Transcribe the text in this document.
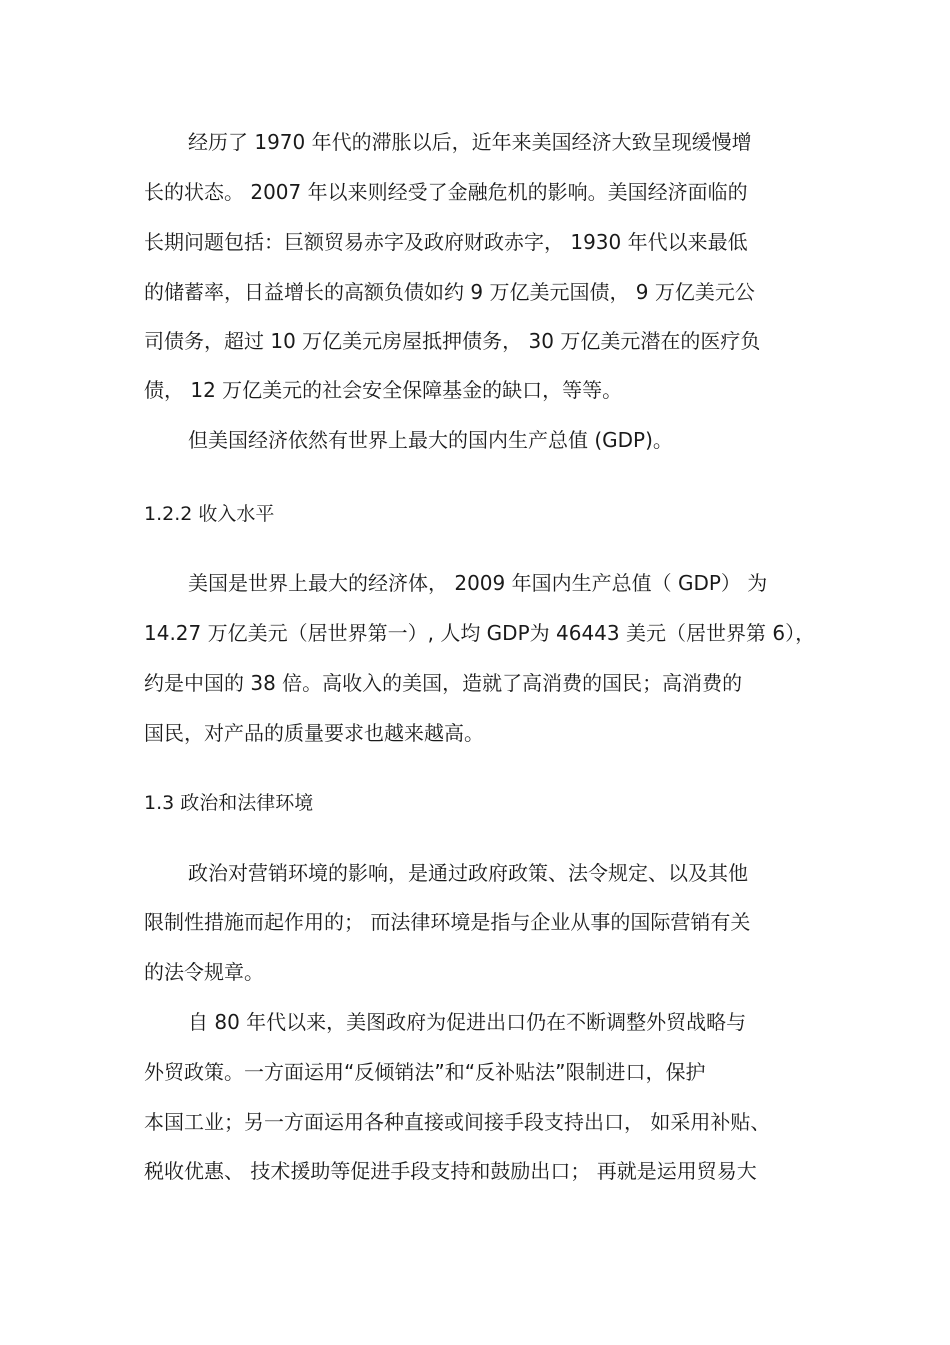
经历了 1970 年代的滞胀以后，近年来美国经济大致呈现缓慢增
长的状态。 2007 年以来则经受了金融危机的影响。美国经济面临的
长期问题包括：巨额贸易赤字及政府财政赤字， 1930 年代以来最低
的储蓄率，日益增长的高额负债如约 9 万亿美元国债， 9 万亿美元公
司债务，超过 10 万亿美元房屋抵押债务， 30 万亿美元潜在的医疗负
债， 12 万亿美元的社会安全保障基金的缺口，等等。
但美国经济依然有世界上最大的国内生产总值 (GDP)。
1.2.2 收入水平
美国是世界上最大的经济体， 2009 年国内生产总值（ GDP） 为
14.27 万亿美元（居世界第一）, 人均 GDP为 46443 美元（居世界第 6），
约是中国的 38 倍。高收入的美国，造就了高消费的国民；高消费的
国民，对产品的质量要求也越来越高。
1.3 政治和法律环境
政治对营销环境的影响，是通过政府政策、法令规定、以及其他
限制性措施而起作用的； 而法律环境是指与企业从事的国际营销有关
的法令规章。
自 80 年代以来，美图政府为促进出口仍在不断调整外贸战略与
外贸政策。一方面运用“反倾销法”和“反补贴法”限制进口，保护
本国工业；另一方面运用各种直接或间接手段支持出口， 如采用补贴、
税收优惠、 技术援助等促进手段支持和鼓励出口； 再就是运用贸易大
